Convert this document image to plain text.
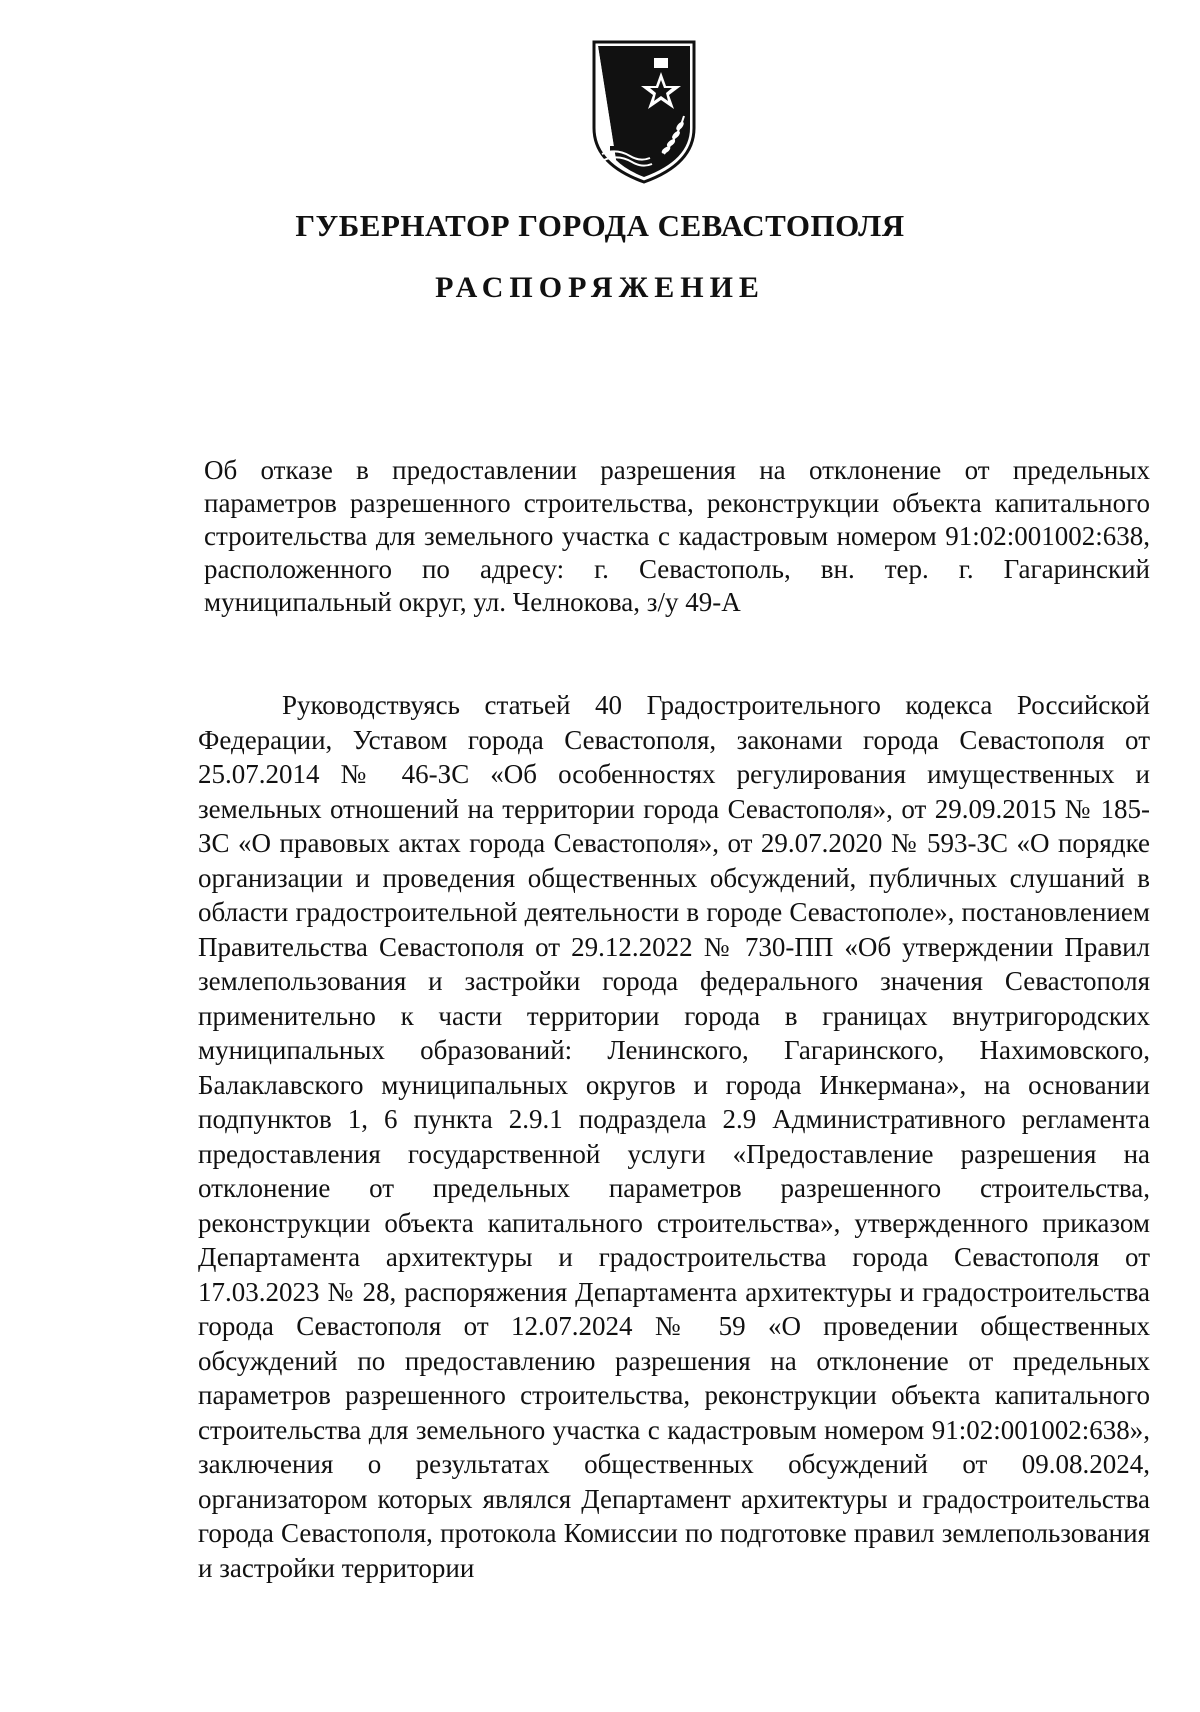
ГУБЕРНАТОР ГОРОДА СЕВАСТОПОЛЯ
РАСПОРЯЖЕНИЕ
Об отказе в предоставлении разрешения на отклонение от предельных параметров разрешенного строительства, реконструкции объекта капитального строительства для земельного участка с кадастровым номером 91:02:001002:638, расположенного по адресу: г. Севастополь, вн. тер. г. Гагаринский муниципальный округ, ул. Челнокова, з/у 49-А
Руководствуясь статьей 40 Градостроительного кодекса Российской Федерации, Уставом города Севастополя, законами города Севастополя от 25.07.2014 № 46-ЗС «Об особенностях регулирования имущественных и земельных отношений на территории города Севастополя», от 29.09.2015 № 185-ЗС «О правовых актах города Севастополя», от 29.07.2020 № 593-ЗС «О порядке организации и проведения общественных обсуждений, публичных слушаний в области градостроительной деятельности в городе Севастополе», постановлением Правительства Севастополя от 29.12.2022 № 730-ПП «Об утверждении Правил землепользования и застройки города федерального значения Севастополя применительно к части территории города в границах внутригородских муниципальных образований: Ленинского, Гагаринского, Нахимовского, Балаклавского муниципальных округов и города Инкермана», на основании подпунктов 1, 6 пункта 2.9.1 подраздела 2.9 Административного регламента предоставления государственной услуги «Предоставление разрешения на отклонение от предельных параметров разрешенного строительства, реконструкции объекта капитального строительства», утвержденного приказом Департамента архитектуры и градостроительства города Севастополя от 17.03.2023 № 28, распоряжения Департамента архитектуры и градостроительства города Севастополя от 12.07.2024 № 59 «О проведении общественных обсуждений по предоставлению разрешения на отклонение от предельных параметров разрешенного строительства, реконструкции объекта капитального строительства для земельного участка с кадастровым номером 91:02:001002:638», заключения о результатах общественных обсуждений от 09.08.2024, организатором которых являлся Департамент архитектуры и градостроительства города Севастополя, протокола Комиссии по подготовке правил землепользования и застройки территории
